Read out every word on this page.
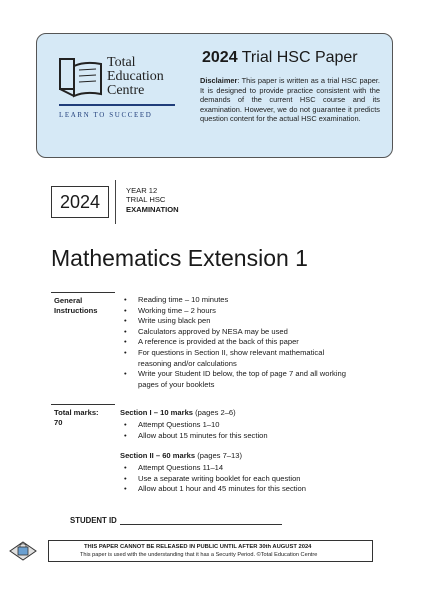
Total
Education
Centre
LEARN TO SUCCEED
2024 Trial HSC Paper
Disclaimer: This paper is written as a trial HSC paper. It is designed to provide practice consistent with the demands of the current HSC course and its examination. However, we do not guarantee it predicts question content for the actual HSC examination.
2024
YEAR 12
TRIAL HSC
EXAMINATION
Mathematics Extension 1
General
Instructions
• Reading time – 10 minutes
• Working time – 2 hours
• Write using black pen
• Calculators approved by NESA may be used
• A reference is provided at the back of this paper
• For questions in Section II, show relevant mathematical reasoning and/or calculations
• Write your Student ID below, the top of page 7 and all working pages of your booklets
Total marks:
70
Section I – 10 marks (pages 2–6)
• Attempt Questions 1–10
• Allow about 15 minutes for this section
Section II – 60 marks (pages 7–13)
• Attempt Questions 11–14
• Use a separate writing booklet for each question
• Allow about 1 hour and 45 minutes for this section
STUDENT ID
THIS PAPER CANNOT BE RELEASED IN PUBLIC UNTIL AFTER 30th AUGUST 2024
This paper is used with the understanding that it has a Security Period. ©Total Education Centre
